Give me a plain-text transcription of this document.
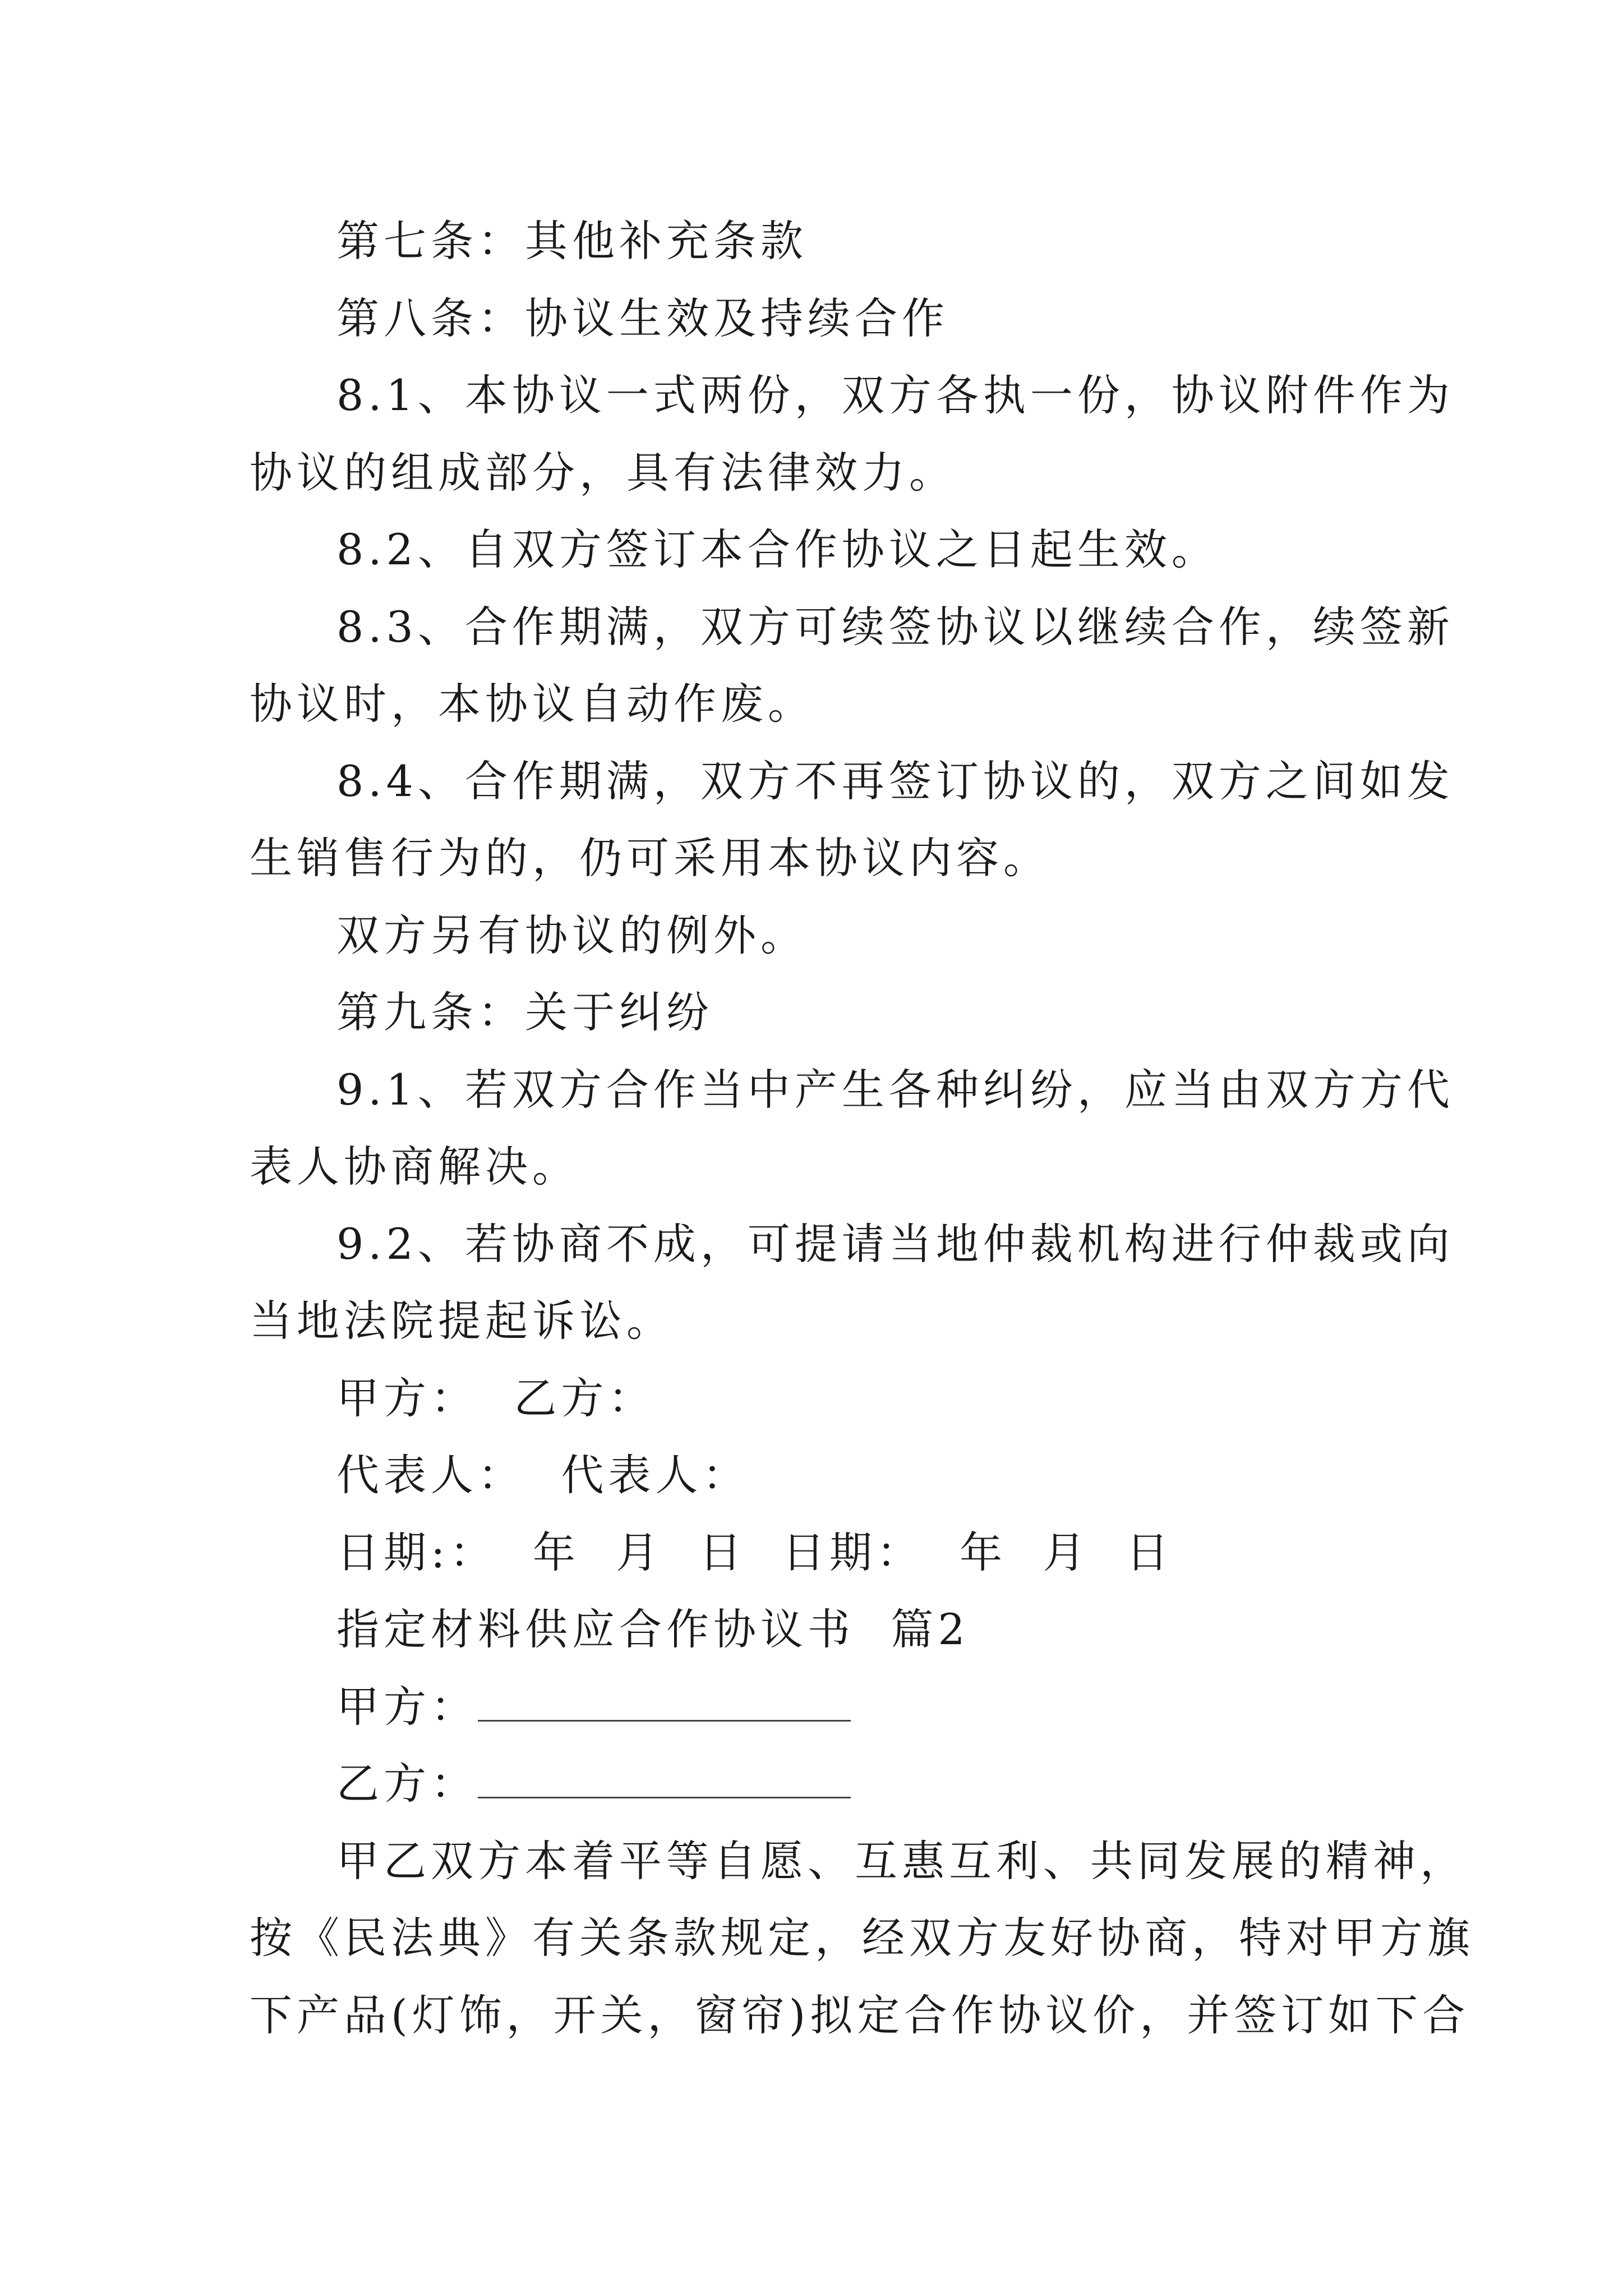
第七条：其他补充条款
第八条：协议生效及持续合作
8.1、本协议一式两份，双方各执一份，协议附件作为
协议的组成部分，具有法律效力。
8.2、自双方签订本合作协议之日起生效。
8.3、合作期满，双方可续签协议以继续合作，续签新
协议时，本协议自动作废。
8.4、合作期满，双方不再签订协议的，双方之间如发
生销售行为的，仍可采用本协议内容。
双方另有协议的例外。
第九条：关于纠纷
9.1、若双方合作当中产生各种纠纷，应当由双方方代
表人协商解决。
9.2、若协商不成，可提请当地仲裁机构进行仲裁或向
当地法院提起诉讼。
甲方：  乙方：
代表人：  代表人：
日期:：  年  月  日  日期：  年  月  日
指定材料供应合作协议书  篇2
甲方：
乙方：
甲乙双方本着平等自愿、互惠互利、共同发展的精神，
按《民法典》有关条款规定，经双方友好协商，特对甲方旗
下产品(灯饰，开关，窗帘)拟定合作协议价，并签订如下合
